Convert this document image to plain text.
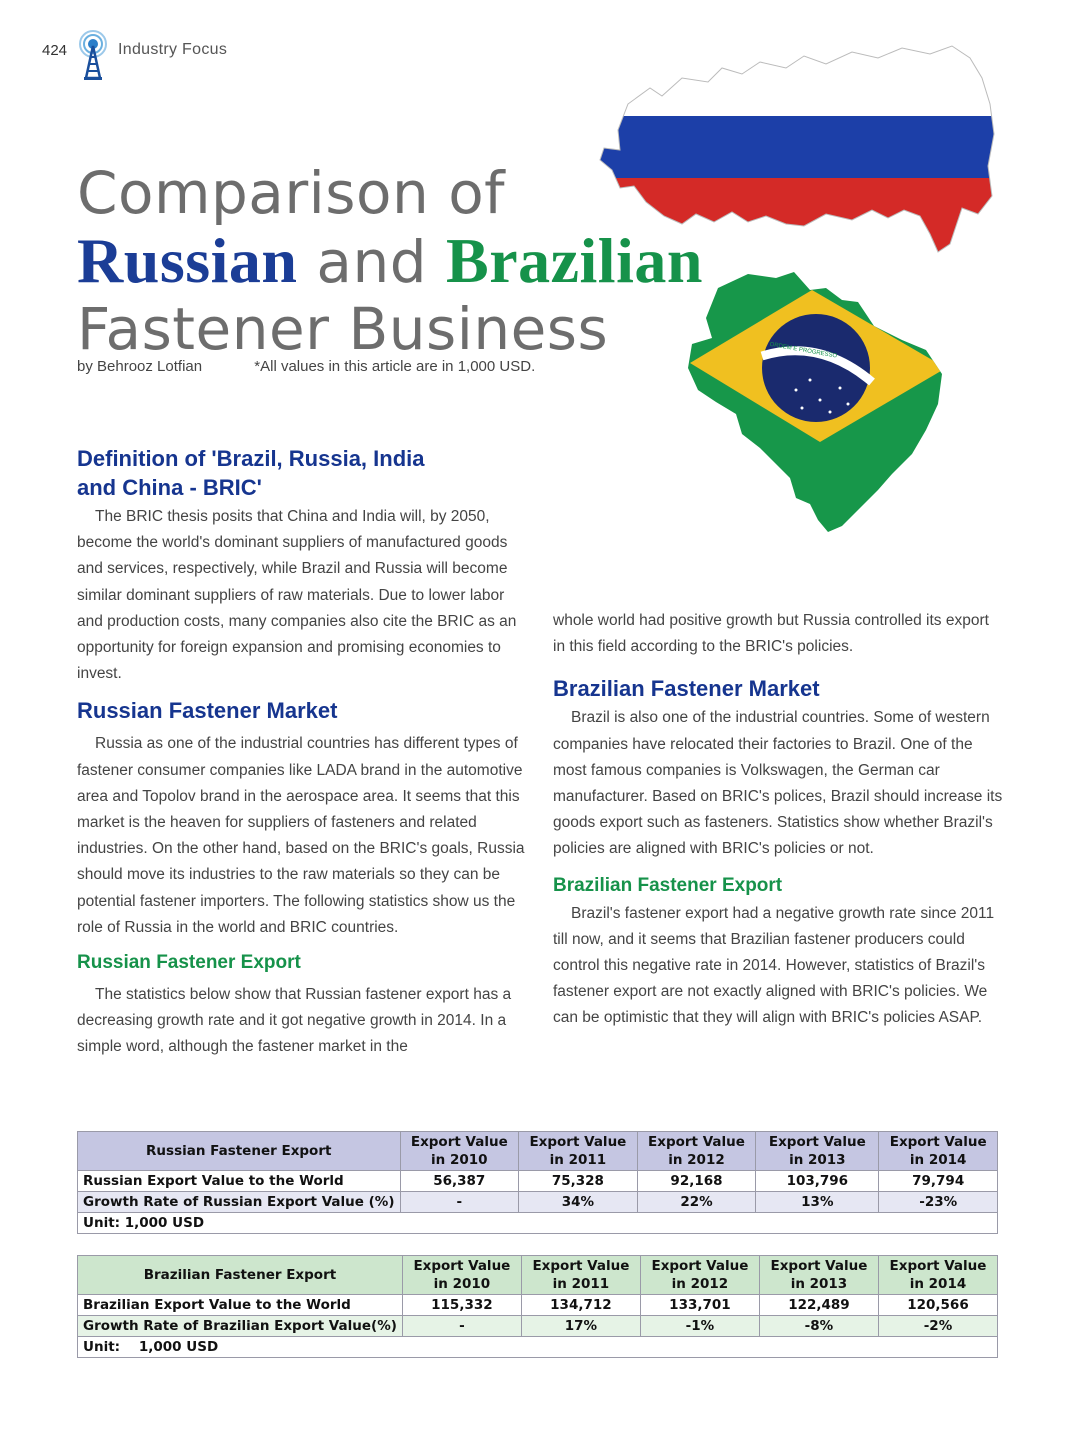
424	Industry Focus
ORDEM E PROGRESSO
Comparison of
Russian and Brazilian
Fastener Business
by Behrooz Lotfian	*All values in this article are in 1,000 USD.
Definition of 'Brazil, Russia, India
and China - BRIC'

The BRIC thesis posits that China and India will, by 2050, become the world's dominant suppliers of manufactured goods and services, respectively, while Brazil and Russia will become similar dominant suppliers of raw materials. Due to lower labor and production costs, many companies also cite the BRIC as an opportunity for foreign expansion and promising economies to invest.

Russian Fastener Market

Russia as one of the industrial countries has different types of fastener consumer companies like LADA brand in the automotive area and Topolov brand in the aerospace area. It seems that this market is the heaven for suppliers of fasteners and related industries. On the other hand, based on the BRIC's goals, Russia should move its industries to the raw materials so they can be potential fastener importers. The following statistics show us the role of Russia in the world and BRIC countries.

Russian Fastener Export

The statistics below show that Russian fastener export has a decreasing growth rate and it got negative growth in 2014. In a simple word, although the fastener market in the

whole world had positive growth but Russia controlled its export in this field according to the BRIC's policies.

Brazilian Fastener Market

Brazil is also one of the industrial countries. Some of western companies have relocated their factories to Brazil. One of the most famous companies is Volkswagen, the German car manufacturer. Based on BRIC's polices, Brazil should increase its goods export such as fasteners. Statistics show whether Brazil's policies are aligned with BRIC's policies or not.

Brazilian Fastener Export

Brazil's fastener export had a negative growth rate since 2011 till now, and it seems that Brazilian fastener producers could control this negative rate in 2014. However, statistics of Brazil's fastener export are not exactly aligned with BRIC's policies. We can be optimistic that they will align with BRIC's policies ASAP.

Russian Fastener Export	Export Value in 2010	Export Value in 2011	Export Value in 2012	Export Value in 2013	Export Value in 2014
Russian Export Value to the World	56,387	75,328	92,168	103,796	79,794
Growth Rate of Russian Export Value (%)	-	34%	22%	13%	-23%
Unit: 1,000 USD					
Brazilian Fastener Export	Export Value in 2010	Export Value in 2011	Export Value in 2012	Export Value in 2013	Export Value in 2014
Brazilian Export Value to the World	115,332	134,712	133,701	122,489	120,566
Growth Rate of Brazilian Export Value(%)	-	17%	-1%	-8%	-2%
Unit:    1,000 USD					
